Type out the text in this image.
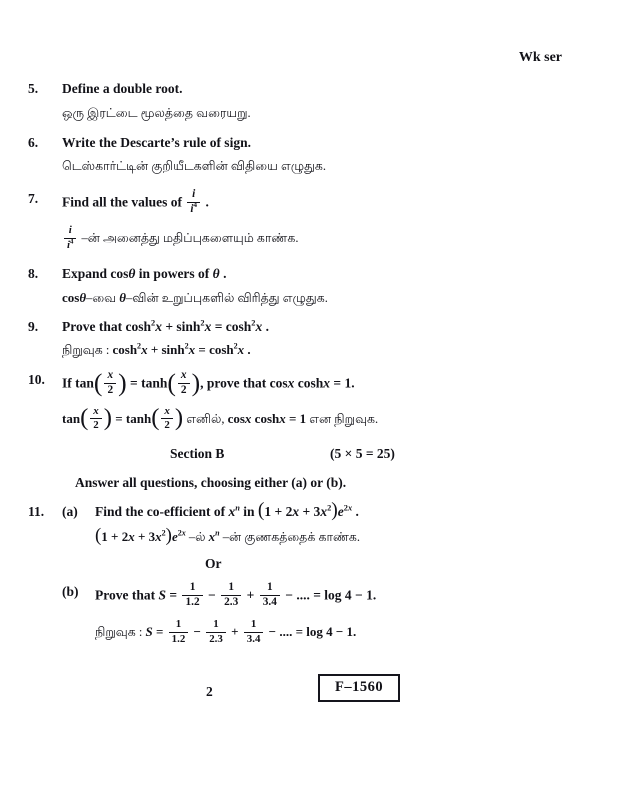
Wk ser
5.	Define a double root.
ஒரு இரட்டை மூலத்தை வரையறு.
6.	Write the Descarte’s rule of sign.
டெஸ்கார்ட்டின் குறியீடகளின் விதியை எழுதுக.
7.	Find all the values of $\frac{i}{i^4}$ .
$\frac{i}{i^4}$ –ன் அனைத்து மதிப்புகளையும் காண்க.
8.	Expand cosθ in powers of θ .
cosθ–வை θ–வின் உறுப்புகளில் விரித்து எழுதுக.
9.	Prove that $\cosh^2x + \sinh^2x = \cosh^2x$ .
நிறுவுக : $\cosh^2x + \sinh^2x = \cosh^2x$ .
10.	If $\tan( \frac{x}{2}$ ) = $\tanh( \frac{x}{2}$ ), prove that cosx coshx = 1.
$\tan( \frac{x}{2}$ ) = $\tanh( \frac{x}{2}$ ) எனில், cosx coshx = 1 என நிறுவுக.
Section B	(5 × 5 = 25)
Answer all questions, choosing either (a) or (b).
11.	(a)	Find the co-efficient of $x^n$ in $(1 + 2x + 3x^2)e^{2x}$ .
$(1 + 2x + 3x^2)e^{2x}$ –ல் $x^n$ –ன் குணகத்தைக் காண்க.
Or
(b)	Prove that $S = \frac{1}{1.2} - \frac{1}{2.3} + \frac{1}{3.4}$ − .... = log 4 − 1.
நிறுவுக : $S = \frac{1}{1.2} - \frac{1}{2.3} + \frac{1}{3.4}$ − .... = log 4 − 1.
2	F–1560
